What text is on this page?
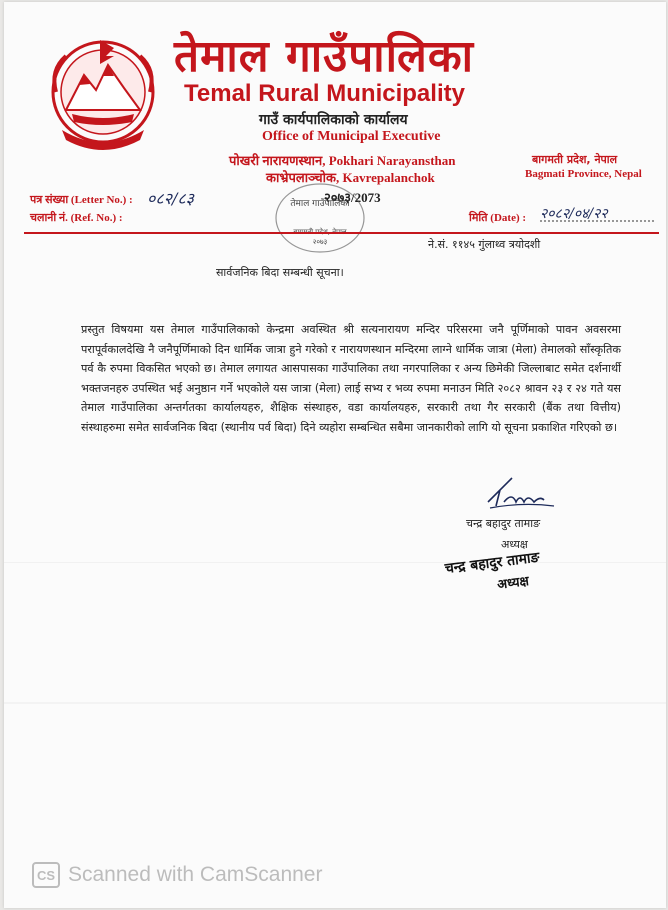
तेमाल गाउँपालिका
Temal Rural Municipality
गाउँ कार्यपालिकाको कार्यालय
Office of Municipal Executive
पोखरी नारायणस्थान, Pokhari Narayansthan
काभ्रेपलाञ्चोक, Kavrepalanchok
बागमती प्रदेश, नेपाल
Bagmati Province, Nepal
२०७३/2073
तेमाल गाउँपालिका
२०७३
पत्र संख्या (Letter No.) : ०८२/८३
चलानी नं. (Ref. No.) :	मिति (Date) : २०८२/०४/२२
ने.सं. ११४५ गुंलाथ्व त्रयोदशी
सार्वजनिक बिदा सम्बन्धी सूचना।
प्रस्तुत विषयमा यस तेमाल गाउँपालिकाको केन्द्रमा अवस्थित श्री सत्यनारायण मन्दिर परिसरमा जनै पूर्णिमाको पावन अवसरमा परापूर्वकालदेखि नै जनैपूर्णिमाको दिन धार्मिक जात्रा हुने गरेको र नारायणस्थान मन्दिरमा लाग्ने धार्मिक जात्रा (मेला) तेमालको साँस्कृतिक पर्व कै रुपमा विकसित भएको छ। तेमाल लगायत आसपासका गाउँपालिका तथा नगरपालिका र अन्य छिमेकी जिल्लाबाट समेत दर्शनार्थी भक्तजनहरु उपस्थित भई अनुष्ठान गर्ने भएकोले यस जात्रा (मेला) लाई सभ्य र भव्य रुपमा मनाउन मिति २०८२ श्रावन २३ र २४ गते यस तेमाल गाउँपालिका अन्तर्गतका कार्यालयहरु, शैक्षिक संस्थाहरु, वडा कार्यालयहरु, सरकारी तथा गैर सरकारी (बैंक तथा वित्तीय) संस्थाहरुमा समेत सार्वजनिक बिदा (स्थानीय पर्व बिदा) दिने व्यहोरा सम्बन्धित सबैमा जानकारीको लागि यो सूचना प्रकाशित गरिएको छ।
चन्द्र बहादुर तामाङ
अध्यक्ष
चन्द्र बहादुर तामाङ
अध्यक्ष
CS Scanned with CamScanner
